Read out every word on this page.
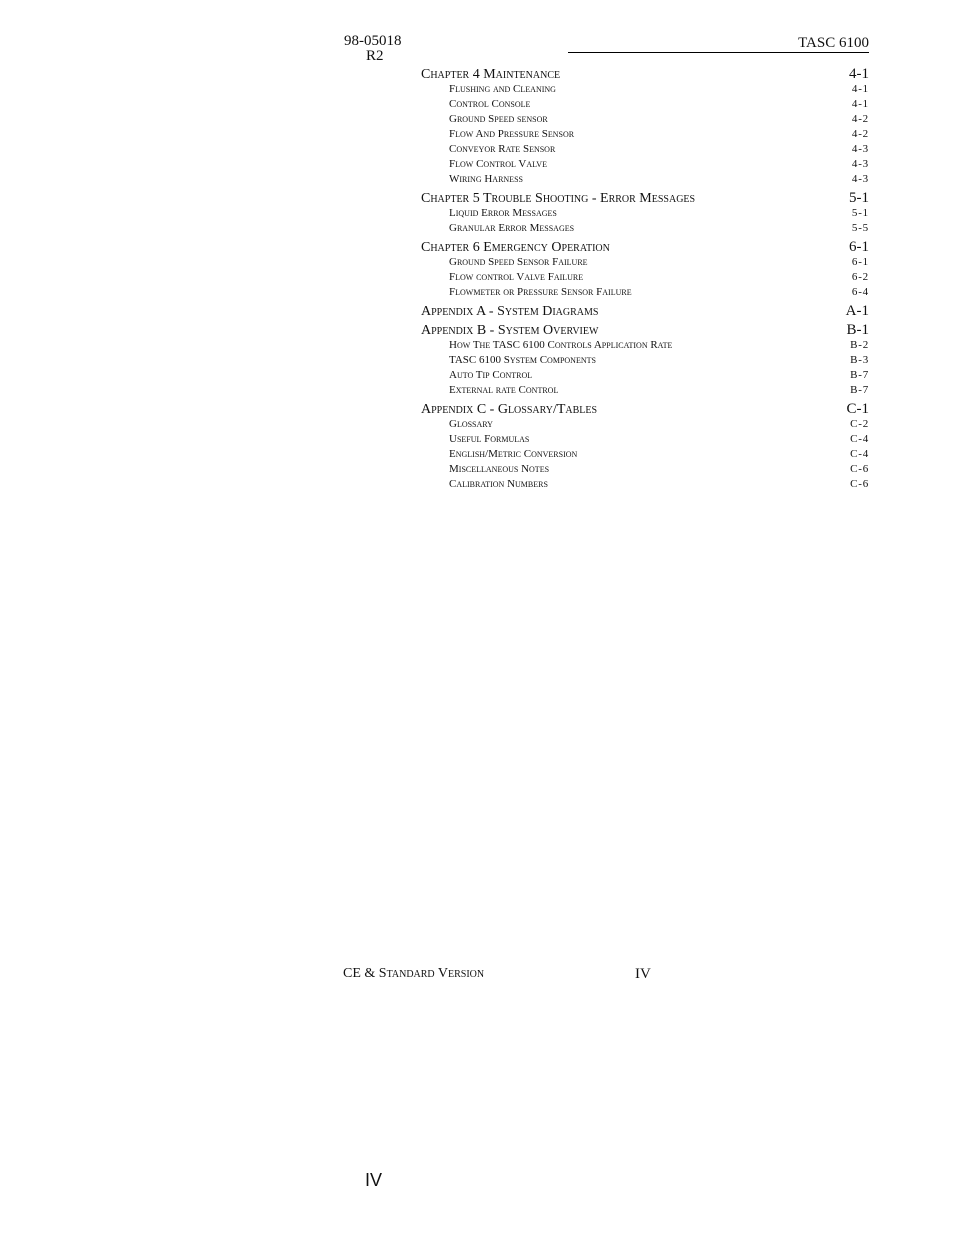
98-05018
R2
TASC 6100
Chapter 4 Maintenance	4-1
Flushing and Cleaning	4-1
Control Console	4-1
Ground Speed sensor	4-2
Flow And Pressure Sensor	4-2
Conveyor Rate Sensor	4-3
Flow Control Valve	4-3
Wiring Harness	4-3
Chapter 5 Trouble Shooting - Error Messages	5-1
Liquid Error Messages	5-1
Granular Error Messages	5-5
Chapter 6 Emergency Operation	6-1
Ground Speed Sensor Failure	6-1
Flow control Valve Failure	6-2
Flowmeter or Pressure Sensor Failure	6-4
Appendix A - System Diagrams	A-1
Appendix B - System Overview	B-1
How The TASC 6100 Controls Application Rate	B-2
TASC 6100 System Components	B-3
Auto Tip Control	B-7
External rate Control	B-7
Appendix C - Glossary/Tables	C-1
Glossary	C-2
Useful Formulas	C-4
English/Metric Conversion	C-4
Miscellaneous Notes	C-6
Calibration Numbers	C-6
CE & Standard Version	IV
IV
